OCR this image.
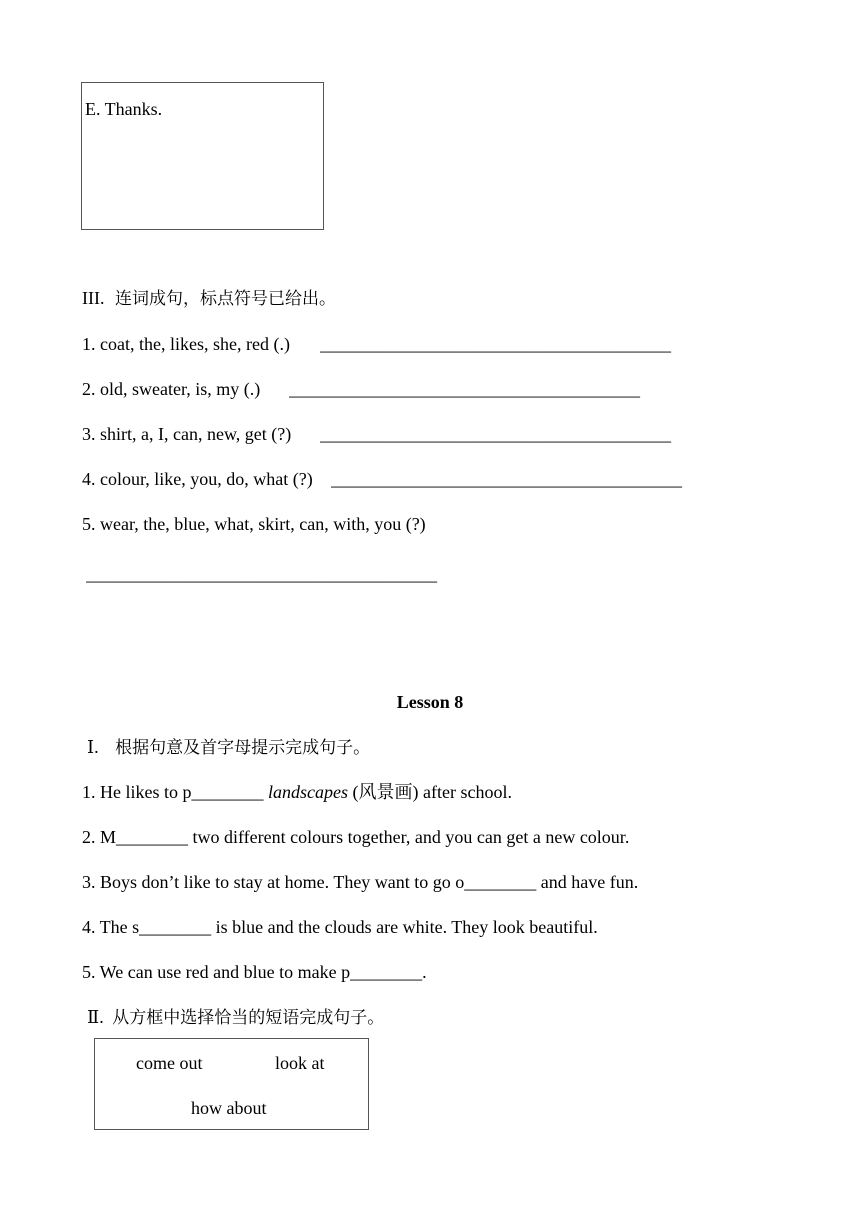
E. Thanks.
III. 连词成句，标点符号已给出。
1. coat, the, likes, she, red (.) _______________________________________
2. old, sweater, is, my (.) _______________________________________
3. shirt, a, I, can, new, get (?) _______________________________________
4. colour, like, you, do, what (?) _______________________________________
5. wear, the, blue, what, skirt, can, with, you (?)
_______________________________________
Lesson 8
Ⅰ. 根据句意及首字母提示完成句子。
1. He likes to p________ landscapes (风景画) after school.
2. M________ two different colours together, and you can get a new colour.
3. Boys don’t like to stay at home. They want to go o________ and have fun.
4. The s________ is blue and the clouds are white. They look beautiful.
5. We can use red and blue to make p________.
Ⅱ. 从方框中选择恰当的短语完成句子。
come out	look at
how about
